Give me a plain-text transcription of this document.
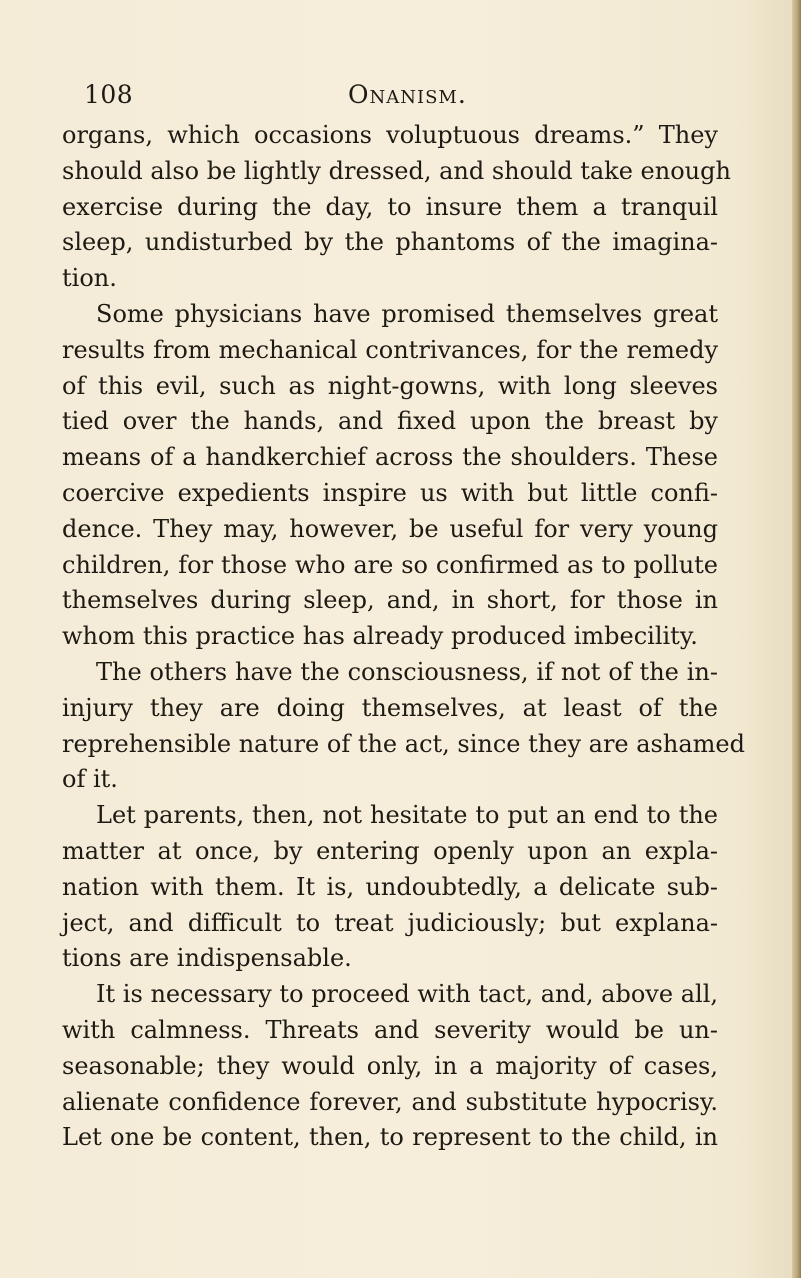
108	Onanism.
organs, which occasions voluptuous dreams.” They
should also be lightly dressed, and should take enough
exercise during the day, to insure them a tranquil
sleep, undisturbed by the phantoms of the imagina-
tion.
Some physicians have promised themselves great
results from mechanical contrivances, for the remedy
of this evil, such as night-gowns, with long sleeves
tied over the hands, and fixed upon the breast by
means of a handkerchief across the shoulders. These
coercive expedients inspire us with but little confi-
dence. They may, however, be useful for very young
children, for those who are so confirmed as to pollute
themselves during sleep, and, in short, for those in
whom this practice has already produced imbecility.
The others have the consciousness, if not of the in-
injury they are doing themselves, at least of the
reprehensible nature of the act, since they are ashamed
of it.
Let parents, then, not hesitate to put an end to the
matter at once, by entering openly upon an expla-
nation with them. It is, undoubtedly, a delicate sub-
ject, and difficult to treat judiciously; but explana-
tions are indispensable.
It is necessary to proceed with tact, and, above all,
with calmness. Threats and severity would be un-
seasonable; they would only, in a majority of cases,
alienate confidence forever, and substitute hypocrisy.
Let one be content, then, to represent to the child, in
